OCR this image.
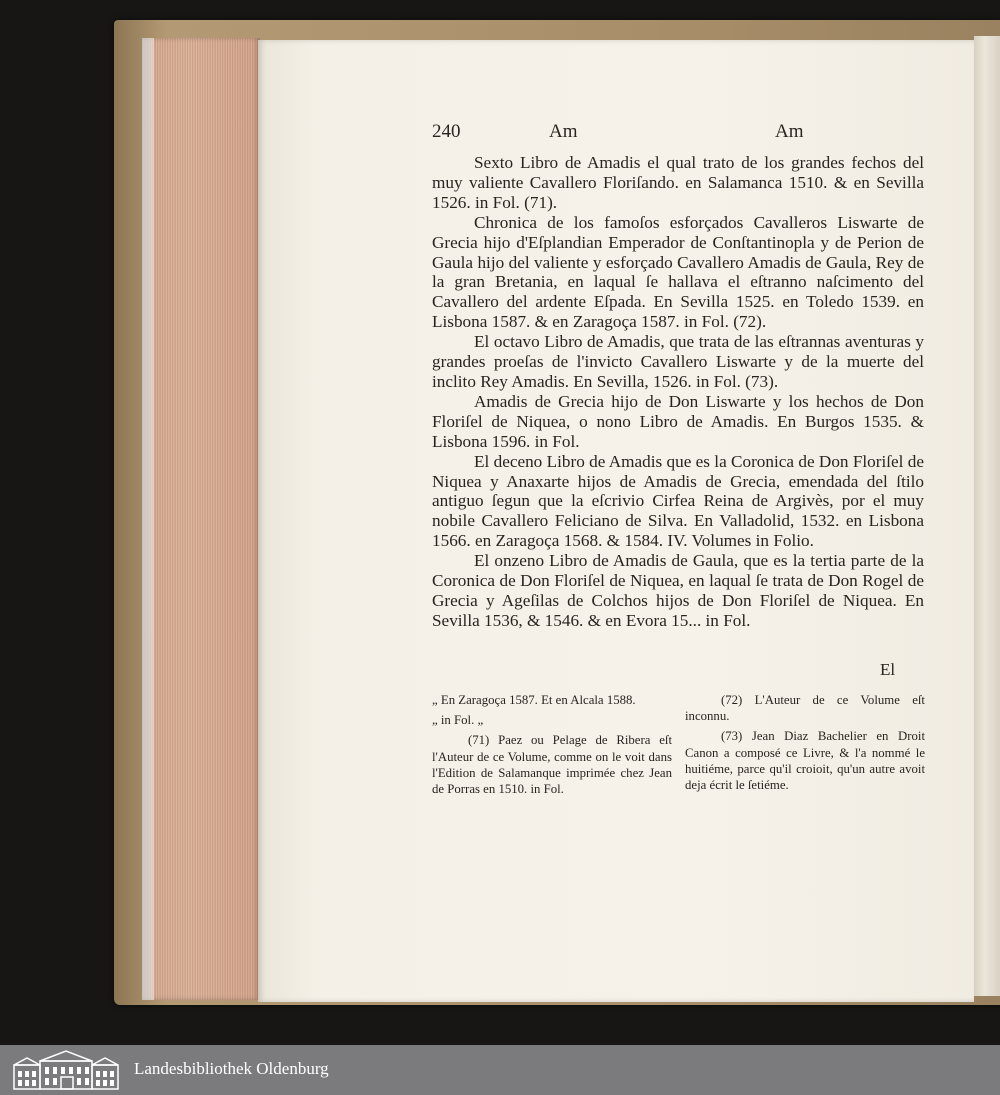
240	Am	Am

Sexto Libro de Amadis el qual trato de los grandes fechos del muy valiente Cavallero Floriſando. en Salamanca 1510. & en Sevilla 1526. in Fol. (71).

Chronica de los famoſos esforçados Cavalleros Liswarte de Grecia hijo d'Eſplandian Emperador de Conſtantinopla y de Perion de Gaula hijo del valiente y esforçado Cavallero Amadis de Gaula, Rey de la gran Bretania, en laqual ſe hallava el eſtranno naſcimento del Cavallero del ardente Eſpada. En Sevilla 1525. en Toledo 1539. en Lisbona 1587. & en Zaragoça 1587. in Fol. (72).

El octavo Libro de Amadis, que trata de las eſtrannas aventuras y grandes proeſas de l'invicto Cavallero Liswarte y de la muerte del inclito Rey Amadis. En Sevilla, 1526. in Fol. (73).

Amadis de Grecia hijo de Don Liswarte y los hechos de Don Floriſel de Niquea, o nono Libro de Amadis. En Burgos 1535. & Lisbona 1596. in Fol.

El deceno Libro de Amadis que es la Coronica de Don Floriſel de Niquea y Anaxarte hijos de Amadis de Grecia, emendada del ſtilo antiguo ſegun que la eſcrivio Cirfea Reina de Argivès, por el muy nobile Cavallero Feliciano de Silva. En Valladolid, 1532. en Lisbona 1566. en Zaragoça 1568. & 1584. IV. Volumes in Folio.

El onzeno Libro de Amadis de Gaula, que es la tertia parte de la Coronica de Don Floriſel de Niquea, en laqual ſe trata de Don Rogel de Grecia y Ageſilas de Colchos hijos de Don Floriſel de Niquea. En Sevilla 1536, & 1546. & en Evora 15... in Fol.

El

„ En Zaragoça 1587. Et en Alcala 1588.

„ in Fol. „

(71) Paez ou Pelage de Ribera eſt l'Auteur de ce Volume, comme on le voit dans l'Edition de Salamanque imprimée chez Jean de Porras en 1510. in Fol.

(72) L'Auteur de ce Volume eſt inconnu.

(73) Jean Diaz Bachelier en Droit Canon a composé ce Livre, & l'a nommé le huitiéme, parce qu'il croioit, qu'un autre avoit deja écrit le ſetiéme.

Landesbibliothek Oldenburg
